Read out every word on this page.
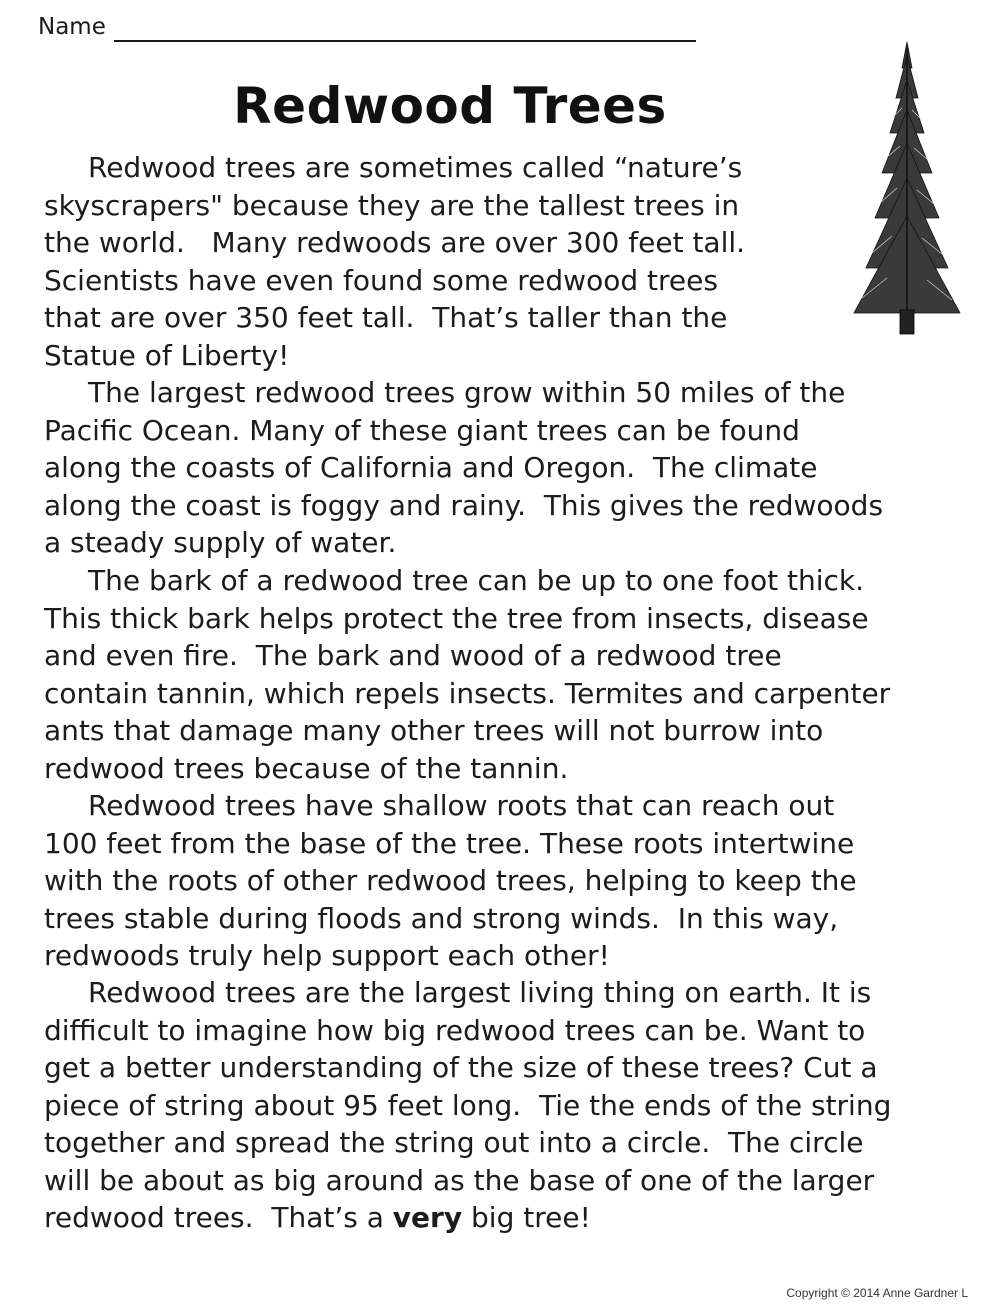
Name
Redwood Trees
Redwood trees are sometimes called “nature’s
skyscrapers" because they are the tallest trees in
the world.   Many redwoods are over 300 feet tall.
Scientists have even found some redwood trees
that are over 350 feet tall.  That’s taller than the
Statue of Liberty!
The largest redwood trees grow within 50 miles of the
Pacific Ocean. Many of these giant trees can be found
along the coasts of California and Oregon.  The climate
along the coast is foggy and rainy.  This gives the redwoods
a steady supply of water.
The bark of a redwood tree can be up to one foot thick.
This thick bark helps protect the tree from insects, disease
and even fire.  The bark and wood of a redwood tree
contain tannin, which repels insects. Termites and carpenter
ants that damage many other trees will not burrow into
redwood trees because of the tannin.
Redwood trees have shallow roots that can reach out
100 feet from the base of the tree. These roots intertwine
with the roots of other redwood trees, helping to keep the
trees stable during floods and strong winds.  In this way,
redwoods truly help support each other!
Redwood trees are the largest living thing on earth. It is
difficult to imagine how big redwood trees can be. Want to
get a better understanding of the size of these trees? Cut a
piece of string about 95 feet long.  Tie the ends of the string
together and spread the string out into a circle.  The circle
will be about as big around as the base of one of the larger
redwood trees.  That’s a very big tree!
Copyright © 2014 Anne Gardner L
